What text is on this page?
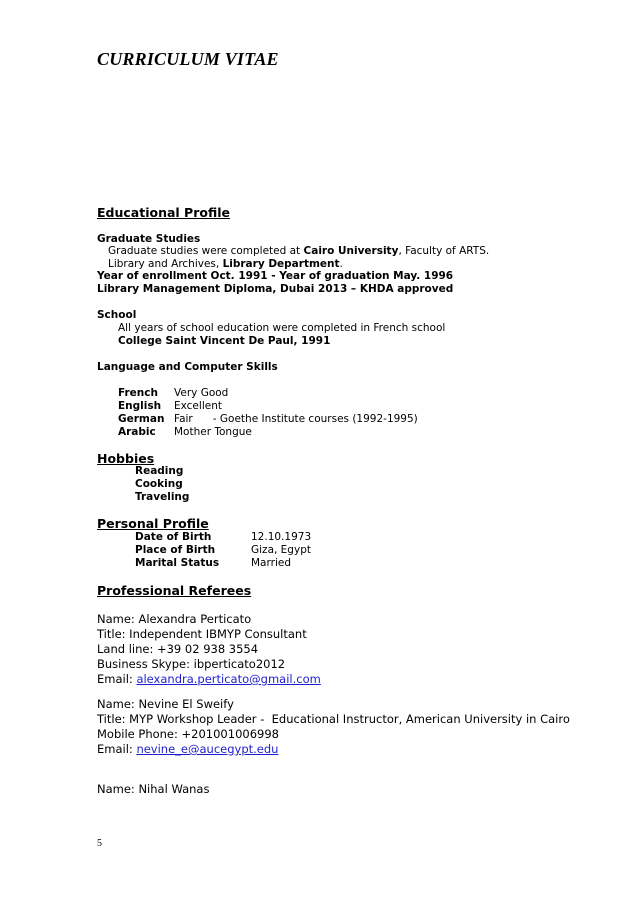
CURRICULUM VITAE
Educational Profile
Graduate Studies
Graduate studies were completed at Cairo University, Faculty of ARTS.
Library and Archives, Library Department.
Year of enrollment Oct. 1991 - Year of graduation May. 1996
Library Management Diploma, Dubai 2013 – KHDA approved
School
All years of school education were completed in French school
College Saint Vincent De Paul, 1991
Language and Computer Skills
French Very Good
English Excellent
German Fair      - Goethe Institute courses (1992-1995)
Arabic Mother Tongue
Hobbies
Reading
Cooking
Traveling
Personal Profile
Date of Birth	12.10.1973
Place of Birth	Giza, Egypt
Marital Status	Married
Professional Referees
Name: Alexandra Perticato
Title: Independent IBMYP Consultant
Land line: +39 02 938 3554
Business Skype: ibperticato2012
Email: alexandra.perticato@gmail.com
Name: Nevine El Sweify
Title: MYP Workshop Leader -  Educational Instructor, American University in Cairo
Mobile Phone: +201001006998
Email: nevine_e@aucegypt.edu
Name: Nihal Wanas
5
